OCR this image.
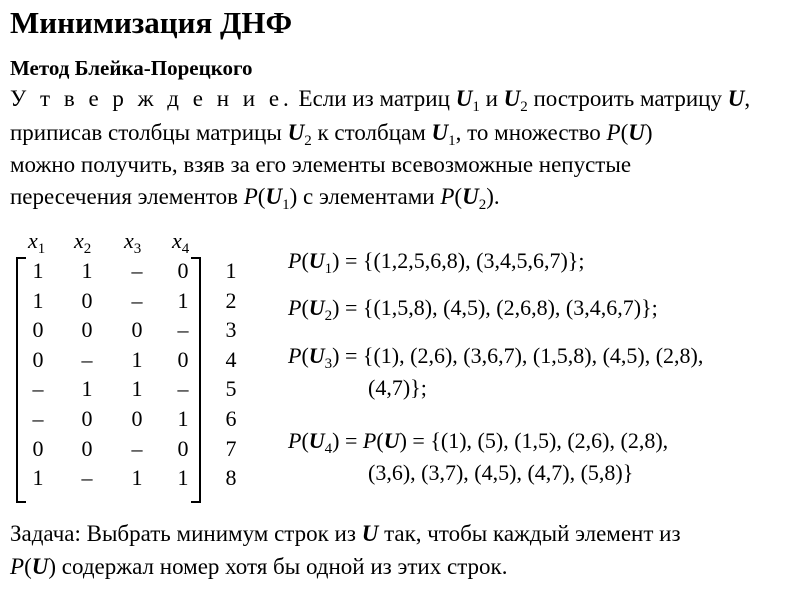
Минимизация ДНФ
Метод Блейка-Порецкого
У т в е р ж д е н и е. Если из матриц $U_1$ и $U_2$ построить матрицу U,
приписав столбцы матрицы $U_2$ к столбцам $U_1$, то множество P(U)
можно получить, взяв за его элементы всевозможные непустые
пересечения элементов $P(U_1)$ с элементами $P(U_2)$.
$x_1$ $x_2$ $x_3$ $x_4$
1	1	–	0	1
1	0	–	1	2
0	0	0	–	3
0	–	1	0	4
–	1	1	–	5
–	0	0	1	6
0	0	–	0	7
1	–	1	1	8
$P(U_1) = \{(1,2,5,6,8)$, (3,4,5,6,7)};
$P(U_2) = \{(1,5,8)$, (4,5), (2,6,8), (3,4,6,7)};
$P(U_3) = \{(1)$, (2,6), (3,6,7), (1,5,8), (4,5), (2,8),
(4,7)};
$P(U_4) = P(U) = \{(1)$, (5), (1,5), (2,6), (2,8),
(3,6), (3,7), (4,5), (4,7), (5,8)}
Задача: Выбрать минимум строк из U так, чтобы каждый элемент из
P(U) содержал номер хотя бы одной из этих строк.
